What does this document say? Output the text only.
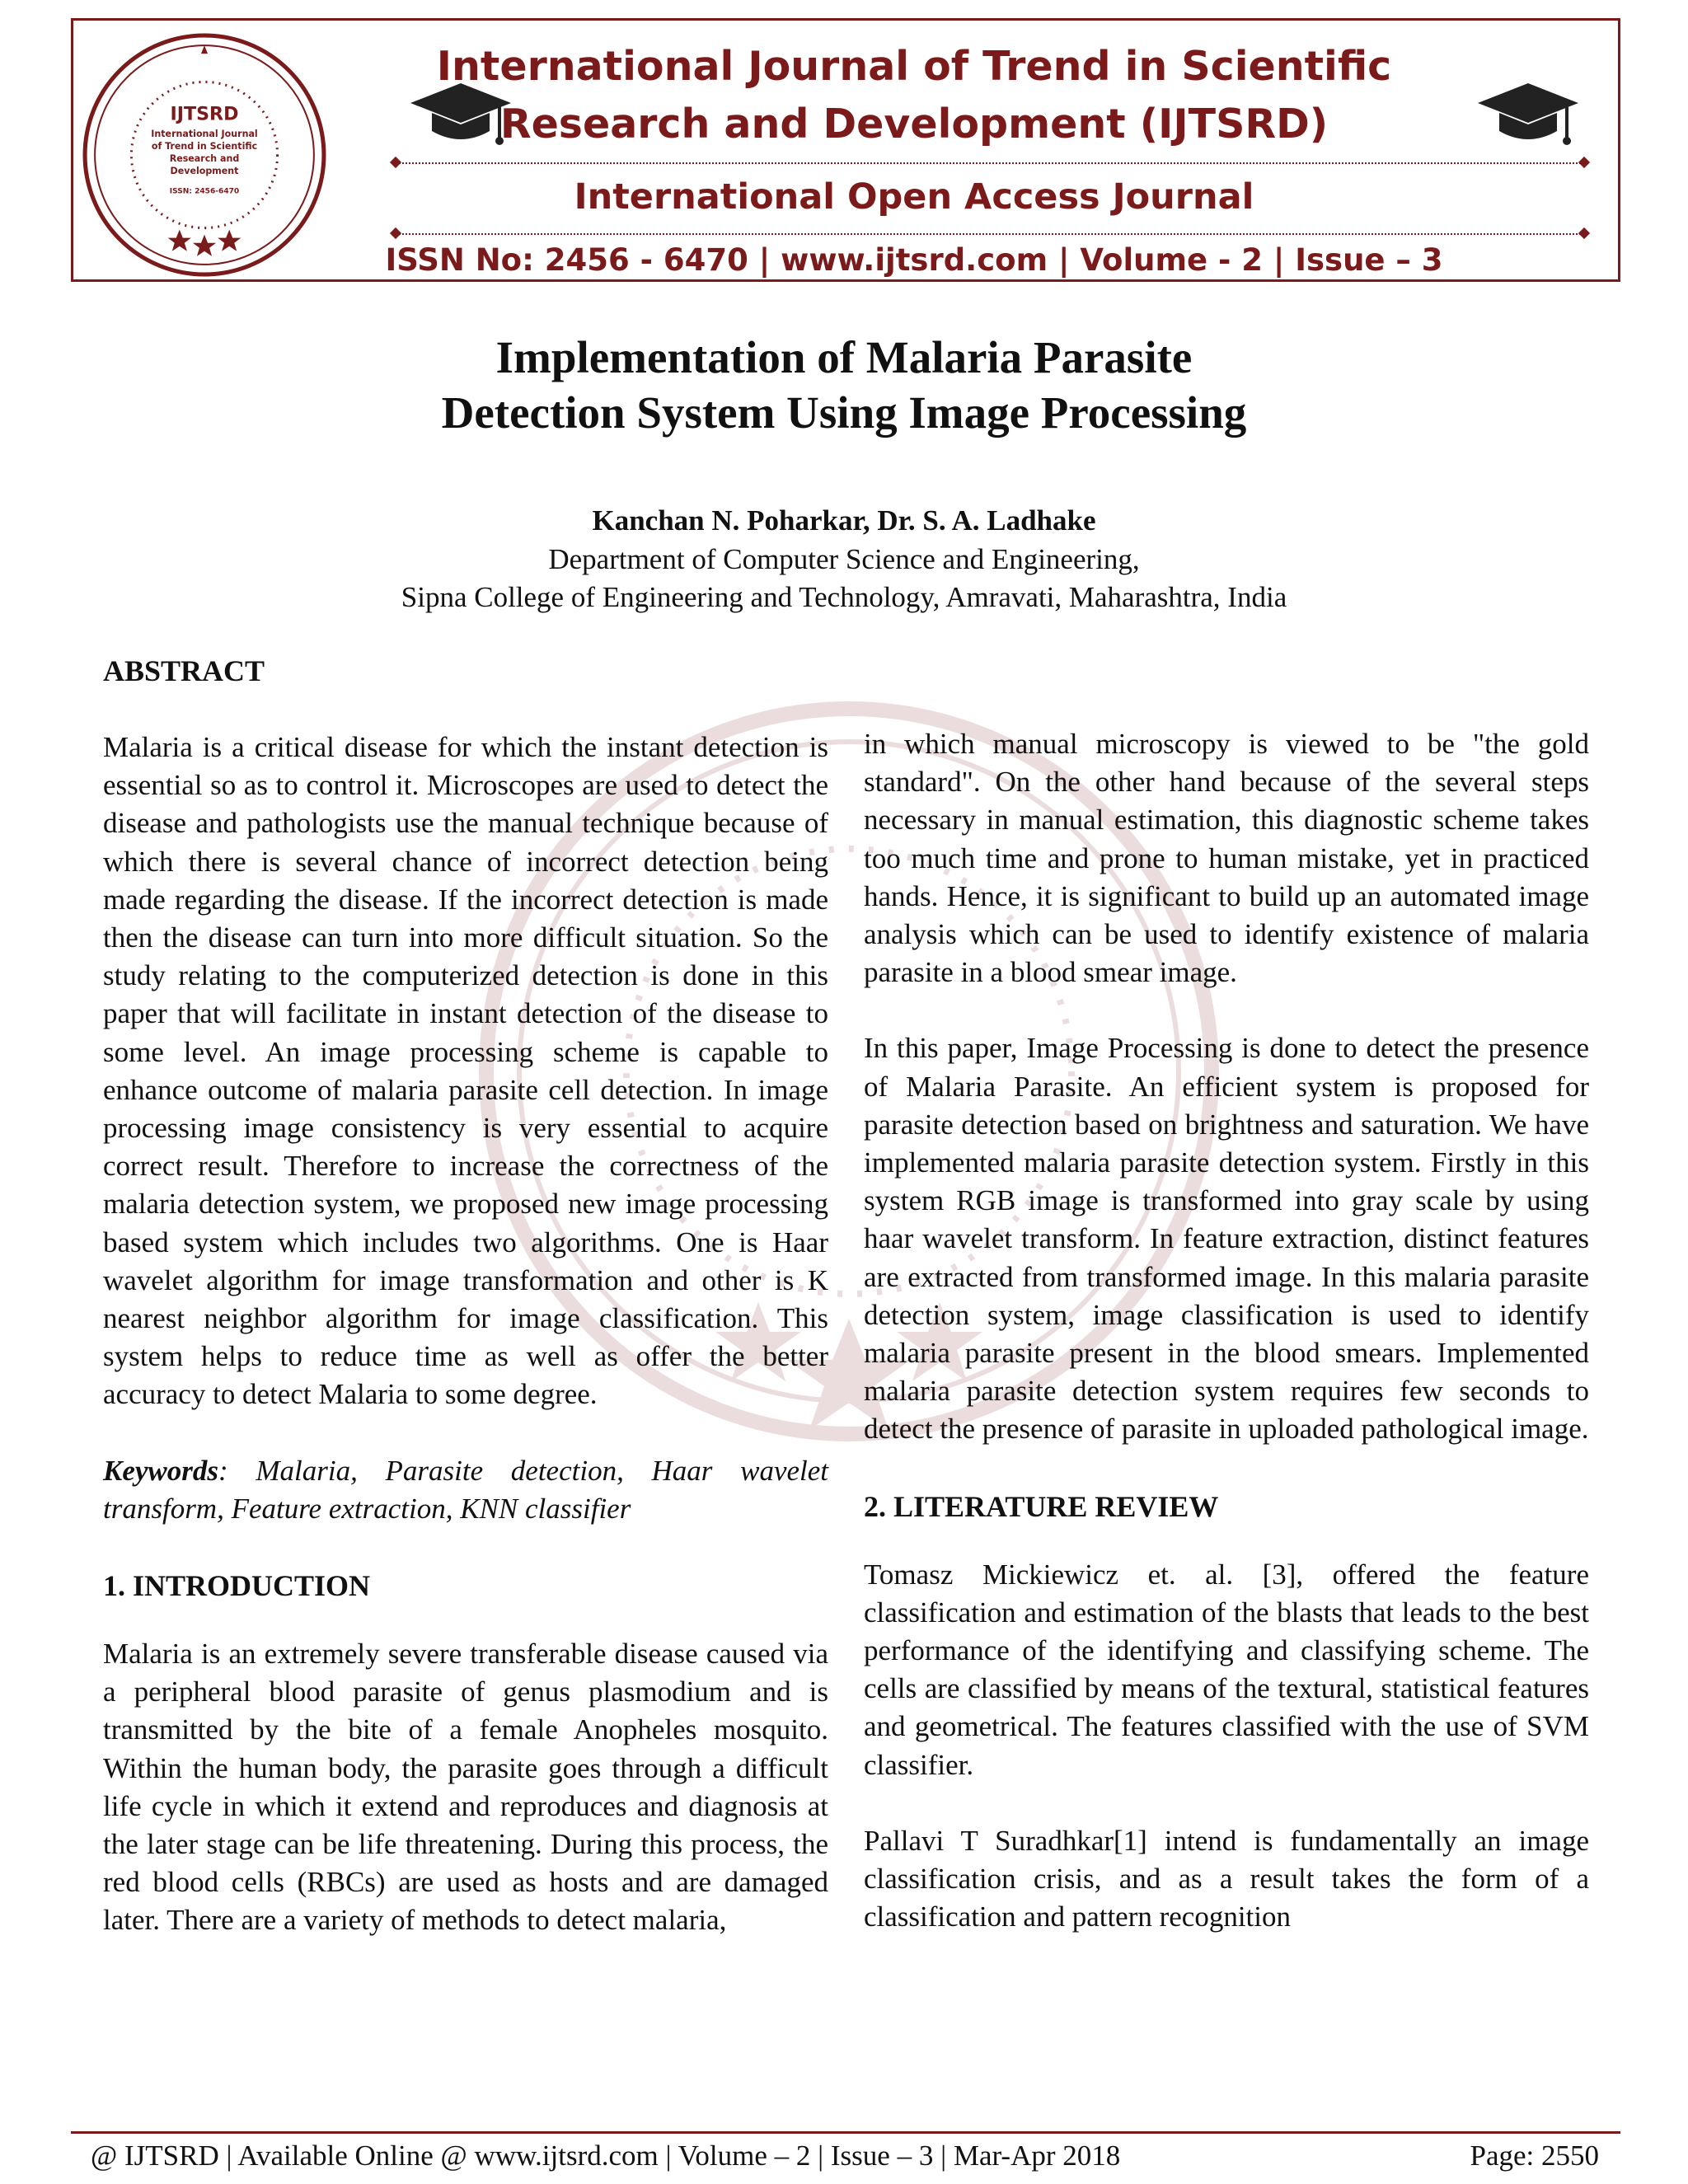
IJTSRD
International Journal
of Trend in Scientific
Research and
Development
ISSN: 2456-6470
International Journal of Trend in Scientific
Research and Development (IJTSRD)
International Open Access Journal

ISSN No: 2456 - 6470 | www.ijtsrd.com | Volume - 2 | Issue – 3

Implementation of Malaria Parasite
Detection System Using Image Processing

Kanchan N. Poharkar, Dr. S. A. Ladhake

Department of Computer Science and Engineering,

Sipna College of Engineering and Technology, Amravati, Maharashtra, India

ABSTRACT

Malaria is a critical disease for which the instant detection is essential so as to control it. Microscopes are used to detect the disease and pathologists use the manual technique because of which there is several chance of incorrect detection being made regarding the disease. If the incorrect detection is made then the disease can turn into more difficult situation. So the study relating to the computerized detection is done in this paper that will facilitate in instant detection of the disease to some level. An image processing scheme is capable to enhance outcome of malaria parasite cell detection. In image processing image consistency is very essential to acquire correct result. Therefore to increase the correctness of the malaria detection system, we proposed new image processing based system which includes two algorithms. One is Haar wavelet algorithm for image transformation and other is K nearest neighbor algorithm for image classification. This system helps to reduce time as well as offer the better accuracy to detect Malaria to some degree.

Keywords: Malaria, Parasite detection, Haar wavelet transform, Feature extraction, KNN classifier

1. INTRODUCTION

Malaria is an extremely severe transferable disease caused via a peripheral blood parasite of genus plasmodium and is transmitted by the bite of a female Anopheles mosquito. Within the human body, the parasite goes through a difficult life cycle in which it extend and reproduces and diagnosis at the later stage can be life threatening. During this process, the red blood cells (RBCs) are used as hosts and are damaged later. There are a variety of methods to detect malaria,

in which manual microscopy is viewed to be "the gold standard". On the other hand because of the several steps necessary in manual estimation, this diagnostic scheme takes too much time and prone to human mistake, yet in practiced hands. Hence, it is significant to build up an automated image analysis which can be used to identify existence of malaria parasite in a blood smear image.

In this paper, Image Processing is done to detect the presence of Malaria Parasite. An efficient system is proposed for parasite detection based on brightness and saturation. We have implemented malaria parasite detection system. Firstly in this system RGB image is transformed into gray scale by using haar wavelet transform. In feature extraction, distinct features are extracted from transformed image. In this malaria parasite detection system, image classification is used to identify malaria parasite present in the blood smears. Implemented malaria parasite detection system requires few seconds to detect the presence of parasite in uploaded pathological image.

2. LITERATURE REVIEW

Tomasz Mickiewicz et. al. [3], offered the feature classification and estimation of the blasts that leads to the best performance of the identifying and classifying scheme. The cells are classified by means of the textural, statistical features and geometrical. The features classified with the use of SVM classifier.

Pallavi T Suradhkar[1] intend is fundamentally an image classification crisis, and as a result takes the form of a classification and pattern recognition

@ IJTSRD | Available Online @ www.ijtsrd.com | Volume – 2 | Issue – 3 | Mar-Apr 2018	Page: 2550
